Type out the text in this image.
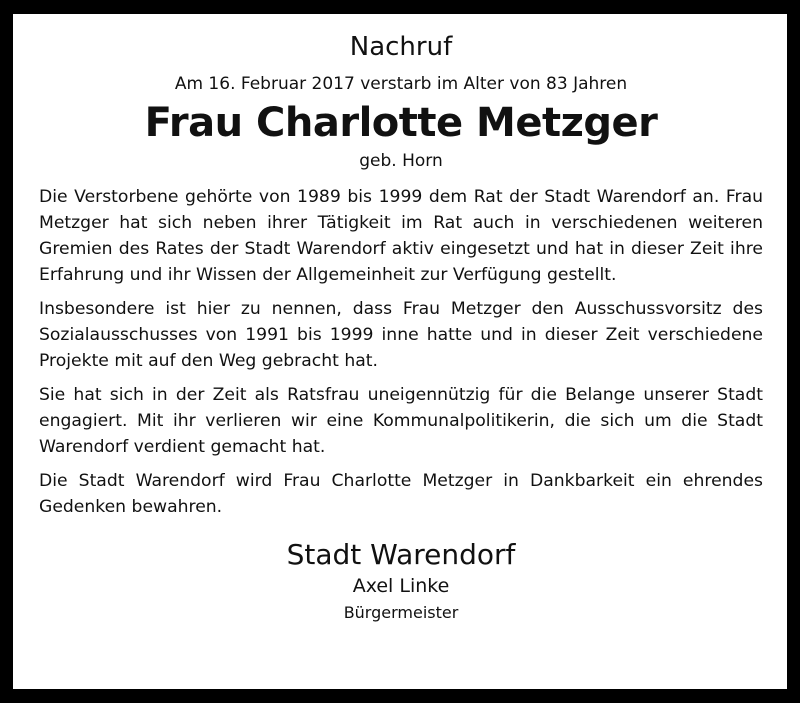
Nachruf

Am 16. Februar 2017 verstarb im Alter von 83 Jahren

Frau Charlotte Metzger

geb. Horn

Die Verstorbene gehörte von 1989 bis 1999 dem Rat der Stadt Warendorf an. Frau Metzger hat sich neben ihrer Tätigkeit im Rat auch in verschiedenen weiteren Gremien des Rates der Stadt Warendorf aktiv eingesetzt und hat in dieser Zeit ihre Erfahrung und ihr Wissen der Allgemeinheit zur Verfügung gestellt.

Insbesondere ist hier zu nennen, dass Frau Metzger den Ausschussvorsitz des Sozialausschusses von 1991 bis 1999 inne hatte und in dieser Zeit verschiedene Projekte mit auf den Weg gebracht hat.

Sie hat sich in der Zeit als Ratsfrau uneigennützig für die Belange unserer Stadt engagiert. Mit ihr verlieren wir eine Kommunalpolitikerin, die sich um die Stadt Warendorf verdient gemacht hat.

Die Stadt Warendorf wird Frau Charlotte Metzger in Dankbarkeit ein ehrendes Gedenken bewahren.

Stadt Warendorf

Axel Linke

Bürgermeister
